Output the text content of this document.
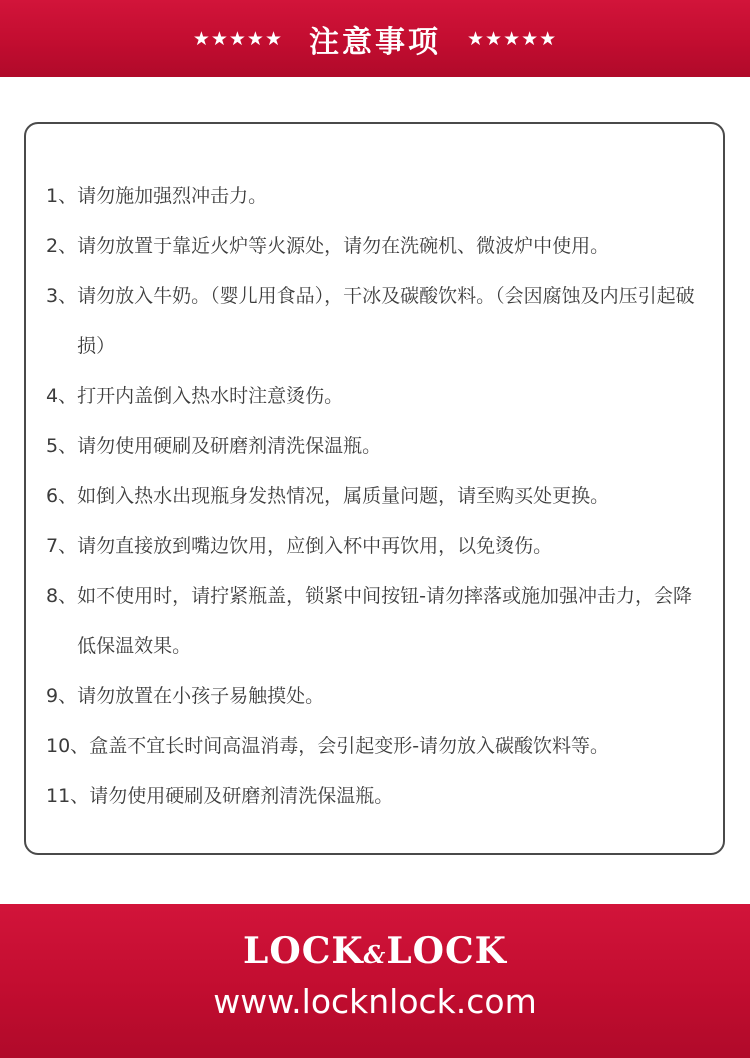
★★★★★ 注意事项 ★★★★★
1、 请勿施加强烈冲击力。
2、 请勿放置于靠近火炉等火源处，请勿在洗碗机、微波炉中使用。
3、 请勿放入牛奶。（婴儿用食品），干冰及碳酸饮料。（会因腐蚀及内压引起破损）
4、 打开内盖倒入热水时注意烫伤。
5、 请勿使用硬刷及研磨剂清洗保温瓶。
6、 如倒入热水出现瓶身发热情况，属质量问题，请至购买处更换。
7、 请勿直接放到嘴边饮用，应倒入杯中再饮用，以免烫伤。
8、 如不使用时，请拧紧瓶盖，锁紧中间按钮-请勿摔落或施加强冲击力，会降低保温效果。
9、 请勿放置在小孩子易触摸处。
10、 盒盖不宜长时间高温消毒，会引起变形-请勿放入碳酸饮料等。
11、 请勿使用硬刷及研磨剂清洗保温瓶。
LOCK&LOCK
www.locknlock.com
